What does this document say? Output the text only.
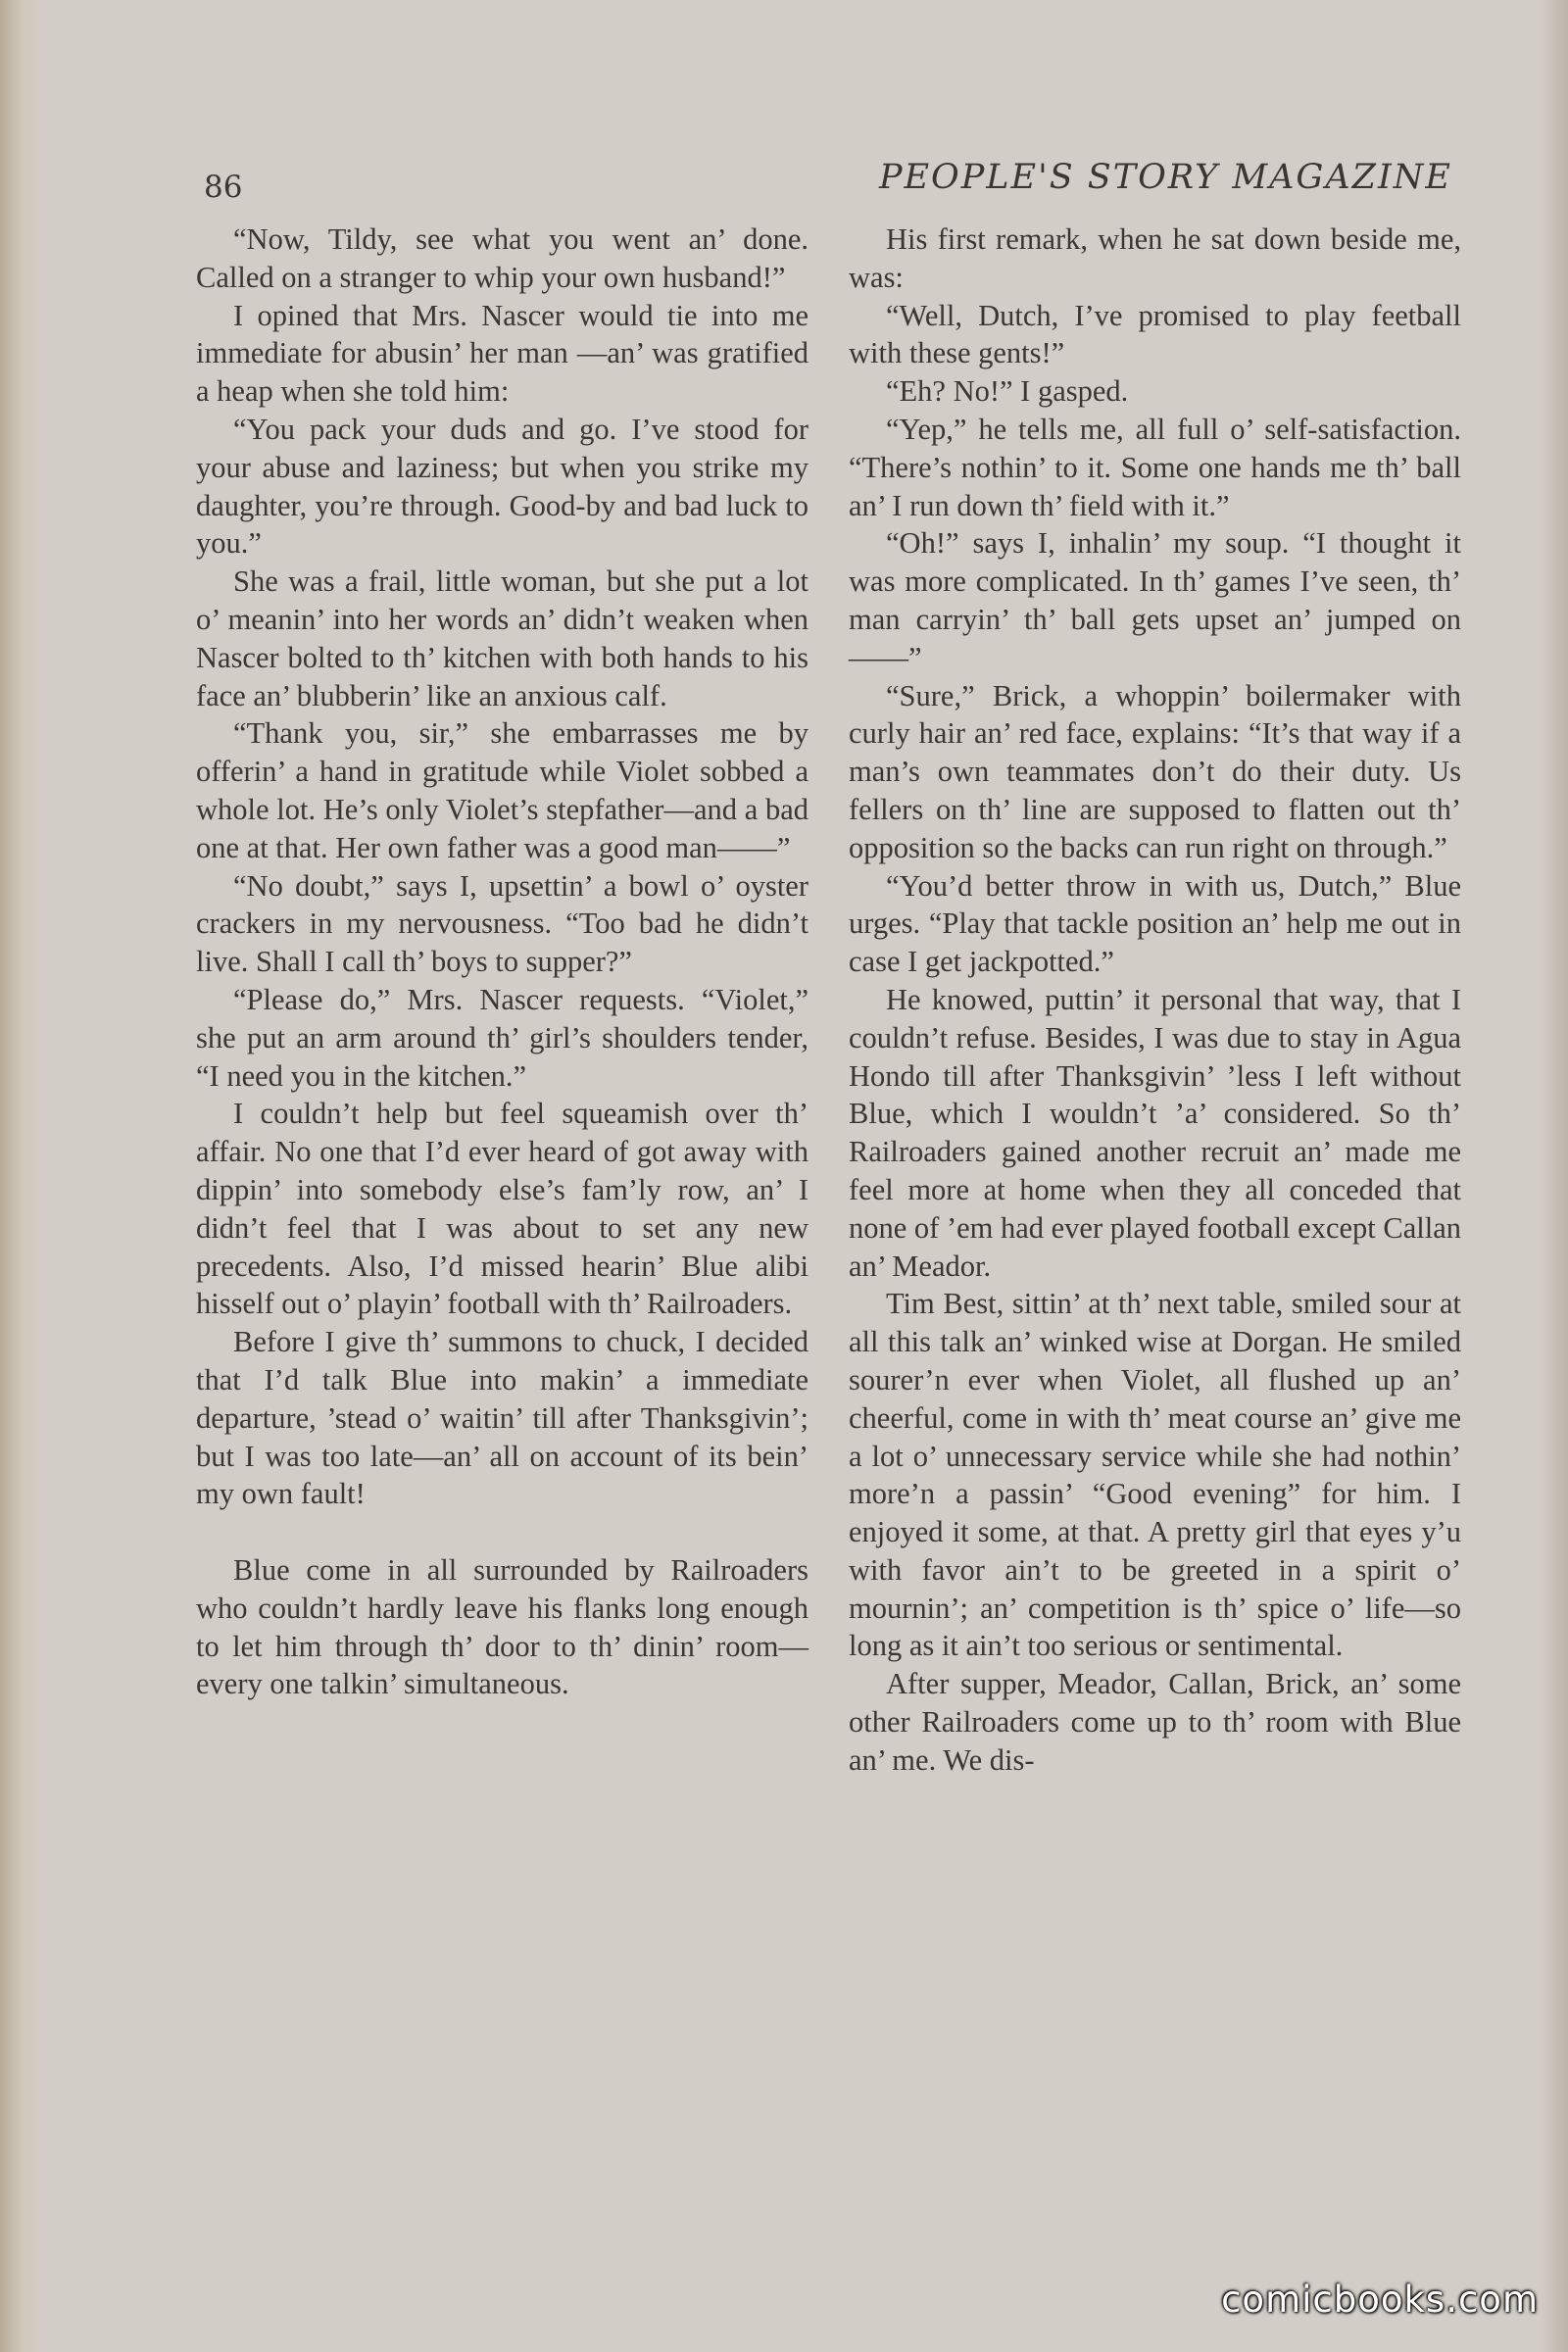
86	PEOPLE'S STORY MAGAZINE

“Now, Tildy, see what you went an’ done. Called on a stranger to whip your own husband!”

I opined that Mrs. Nascer would tie into me immediate for abusin’ her man —an’ was gratified a heap when she told him:

“You pack your duds and go. I’ve stood for your abuse and laziness; but when you strike my daughter, you’re through. Good-by and bad luck to you.”

She was a frail, little woman, but she put a lot o’ meanin’ into her words an’ didn’t weaken when Nascer bolted to th’ kitchen with both hands to his face an’ blubberin’ like an anxious calf.

“Thank you, sir,” she embarrasses me by offerin’ a hand in gratitude while Violet sobbed a whole lot. He’s only Violet’s stepfather—and a bad one at that. Her own father was a good man——”

“No doubt,” says I, upsettin’ a bowl o’ oyster crackers in my nervousness. “Too bad he didn’t live. Shall I call th’ boys to supper?”

“Please do,” Mrs. Nascer requests. “Violet,” she put an arm around th’ girl’s shoulders tender, “I need you in the kitchen.”

I couldn’t help but feel squeamish over th’ affair. No one that I’d ever heard of got away with dippin’ into somebody else’s fam’ly row, an’ I didn’t feel that I was about to set any new precedents. Also, I’d missed hearin’ Blue alibi hisself out o’ playin’ football with th’ Railroaders.

Before I give th’ summons to chuck, I decided that I’d talk Blue into makin’ a immediate departure, ’stead o’ waitin’ till after Thanksgivin’; but I was too late—an’ all on account of its bein’ my own fault!

Blue come in all surrounded by Railroaders who couldn’t hardly leave his flanks long enough to let him through th’ door to th’ dinin’ room—every one talkin’ simultaneous.

His first remark, when he sat down beside me, was:

“Well, Dutch, I’ve promised to play feetball with these gents!”

“Eh? No!” I gasped.

“Yep,” he tells me, all full o’ self-satisfaction. “There’s nothin’ to it. Some one hands me th’ ball an’ I run down th’ field with it.”

“Oh!” says I, inhalin’ my soup. “I thought it was more complicated. In th’ games I’ve seen, th’ man carryin’ th’ ball gets upset an’ jumped on——”

“Sure,” Brick, a whoppin’ boilermaker with curly hair an’ red face, explains: “It’s that way if a man’s own teammates don’t do their duty. Us fellers on th’ line are supposed to flatten out th’ opposition so the backs can run right on through.”

“You’d better throw in with us, Dutch,” Blue urges. “Play that tackle position an’ help me out in case I get jackpotted.”

He knowed, puttin’ it personal that way, that I couldn’t refuse. Besides, I was due to stay in Agua Hondo till after Thanksgivin’ ’less I left without Blue, which I wouldn’t ’a’ considered. So th’ Railroaders gained another recruit an’ made me feel more at home when they all conceded that none of ’em had ever played football except Callan an’ Meador.

Tim Best, sittin’ at th’ next table, smiled sour at all this talk an’ winked wise at Dorgan. He smiled sourer’n ever when Violet, all flushed up an’ cheerful, come in with th’ meat course an’ give me a lot o’ unnecessary service while she had nothin’ more’n a passin’ “Good evening” for him. I enjoyed it some, at that. A pretty girl that eyes y’u with favor ain’t to be greeted in a spirit o’ mournin’; an’ competition is th’ spice o’ life—so long as it ain’t too serious or sentimental.

After supper, Meador, Callan, Brick, an’ some other Railroaders come up to th’ room with Blue an’ me. We dis-

comicbooks.com
